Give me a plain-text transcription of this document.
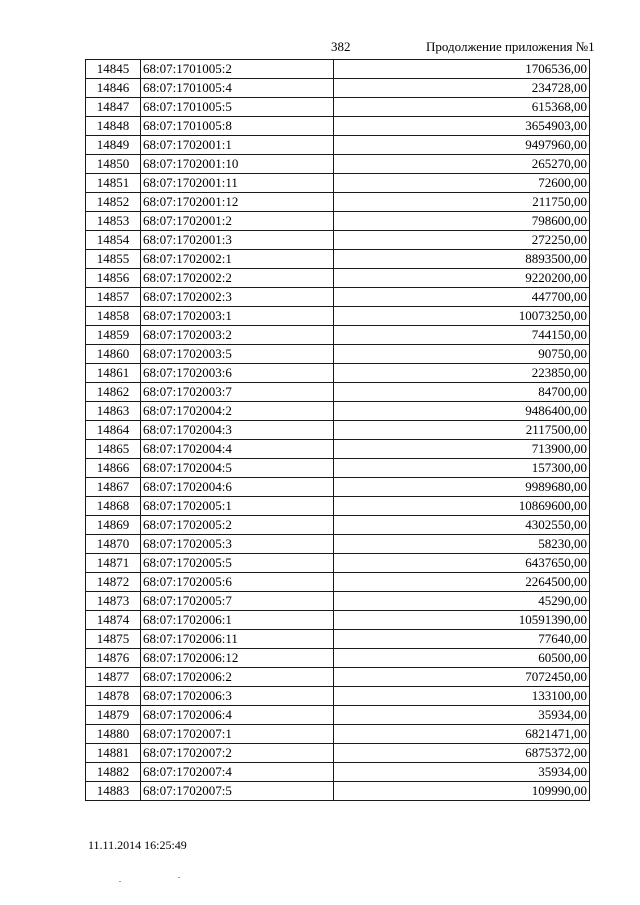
382	Продолжение приложения №1
14845	68:07:1701005:2	1706536,00
14846	68:07:1701005:4	234728,00
14847	68:07:1701005:5	615368,00
14848	68:07:1701005:8	3654903,00
14849	68:07:1702001:1	9497960,00
14850	68:07:1702001:10	265270,00
14851	68:07:1702001:11	72600,00
14852	68:07:1702001:12	211750,00
14853	68:07:1702001:2	798600,00
14854	68:07:1702001:3	272250,00
14855	68:07:1702002:1	8893500,00
14856	68:07:1702002:2	9220200,00
14857	68:07:1702002:3	447700,00
14858	68:07:1702003:1	10073250,00
14859	68:07:1702003:2	744150,00
14860	68:07:1702003:5	90750,00
14861	68:07:1702003:6	223850,00
14862	68:07:1702003:7	84700,00
14863	68:07:1702004:2	9486400,00
14864	68:07:1702004:3	2117500,00
14865	68:07:1702004:4	713900,00
14866	68:07:1702004:5	157300,00
14867	68:07:1702004:6	9989680,00
14868	68:07:1702005:1	10869600,00
14869	68:07:1702005:2	4302550,00
14870	68:07:1702005:3	58230,00
14871	68:07:1702005:5	6437650,00
14872	68:07:1702005:6	2264500,00
14873	68:07:1702005:7	45290,00
14874	68:07:1702006:1	10591390,00
14875	68:07:1702006:11	77640,00
14876	68:07:1702006:12	60500,00
14877	68:07:1702006:2	7072450,00
14878	68:07:1702006:3	133100,00
14879	68:07:1702006:4	35934,00
14880	68:07:1702007:1	6821471,00
14881	68:07:1702007:2	6875372,00
14882	68:07:1702007:4	35934,00
14883	68:07:1702007:5	109990,00
11.11.2014 16:25:49
